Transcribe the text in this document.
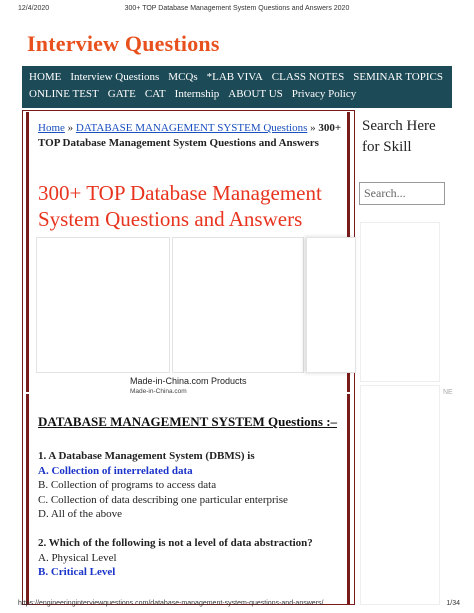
12/4/2020	300+ TOP Database Management System Questions and Answers 2020
Interview Questions
HOME Interview Questions MCQs *LAB VIVA CLASS NOTES SEMINAR TOPICS
ONLINE TEST GATE CAT Internship ABOUT US Privacy Policy
Home » DATABASE MANAGEMENT SYSTEM Questions » 300+ TOP Database Management System Questions and Answers
300+ TOP Database Management System Questions and Answers
Made-in-China.com Products
Made-in-China.com
DATABASE MANAGEMENT SYSTEM Questions :–
1. A Database Management System (DBMS) is
A. Collection of interrelated data
B. Collection of programs to access data
C. Collection of data describing one particular enterprise
D. All of the above
2. Which of the following is not a level of data abstraction?
A. Physical Level
B. Critical Level
Search Here for Skill
Search...
NE
https://engineeringinterviewquestions.com/database-management-system-questions-and-answers/	1/34
